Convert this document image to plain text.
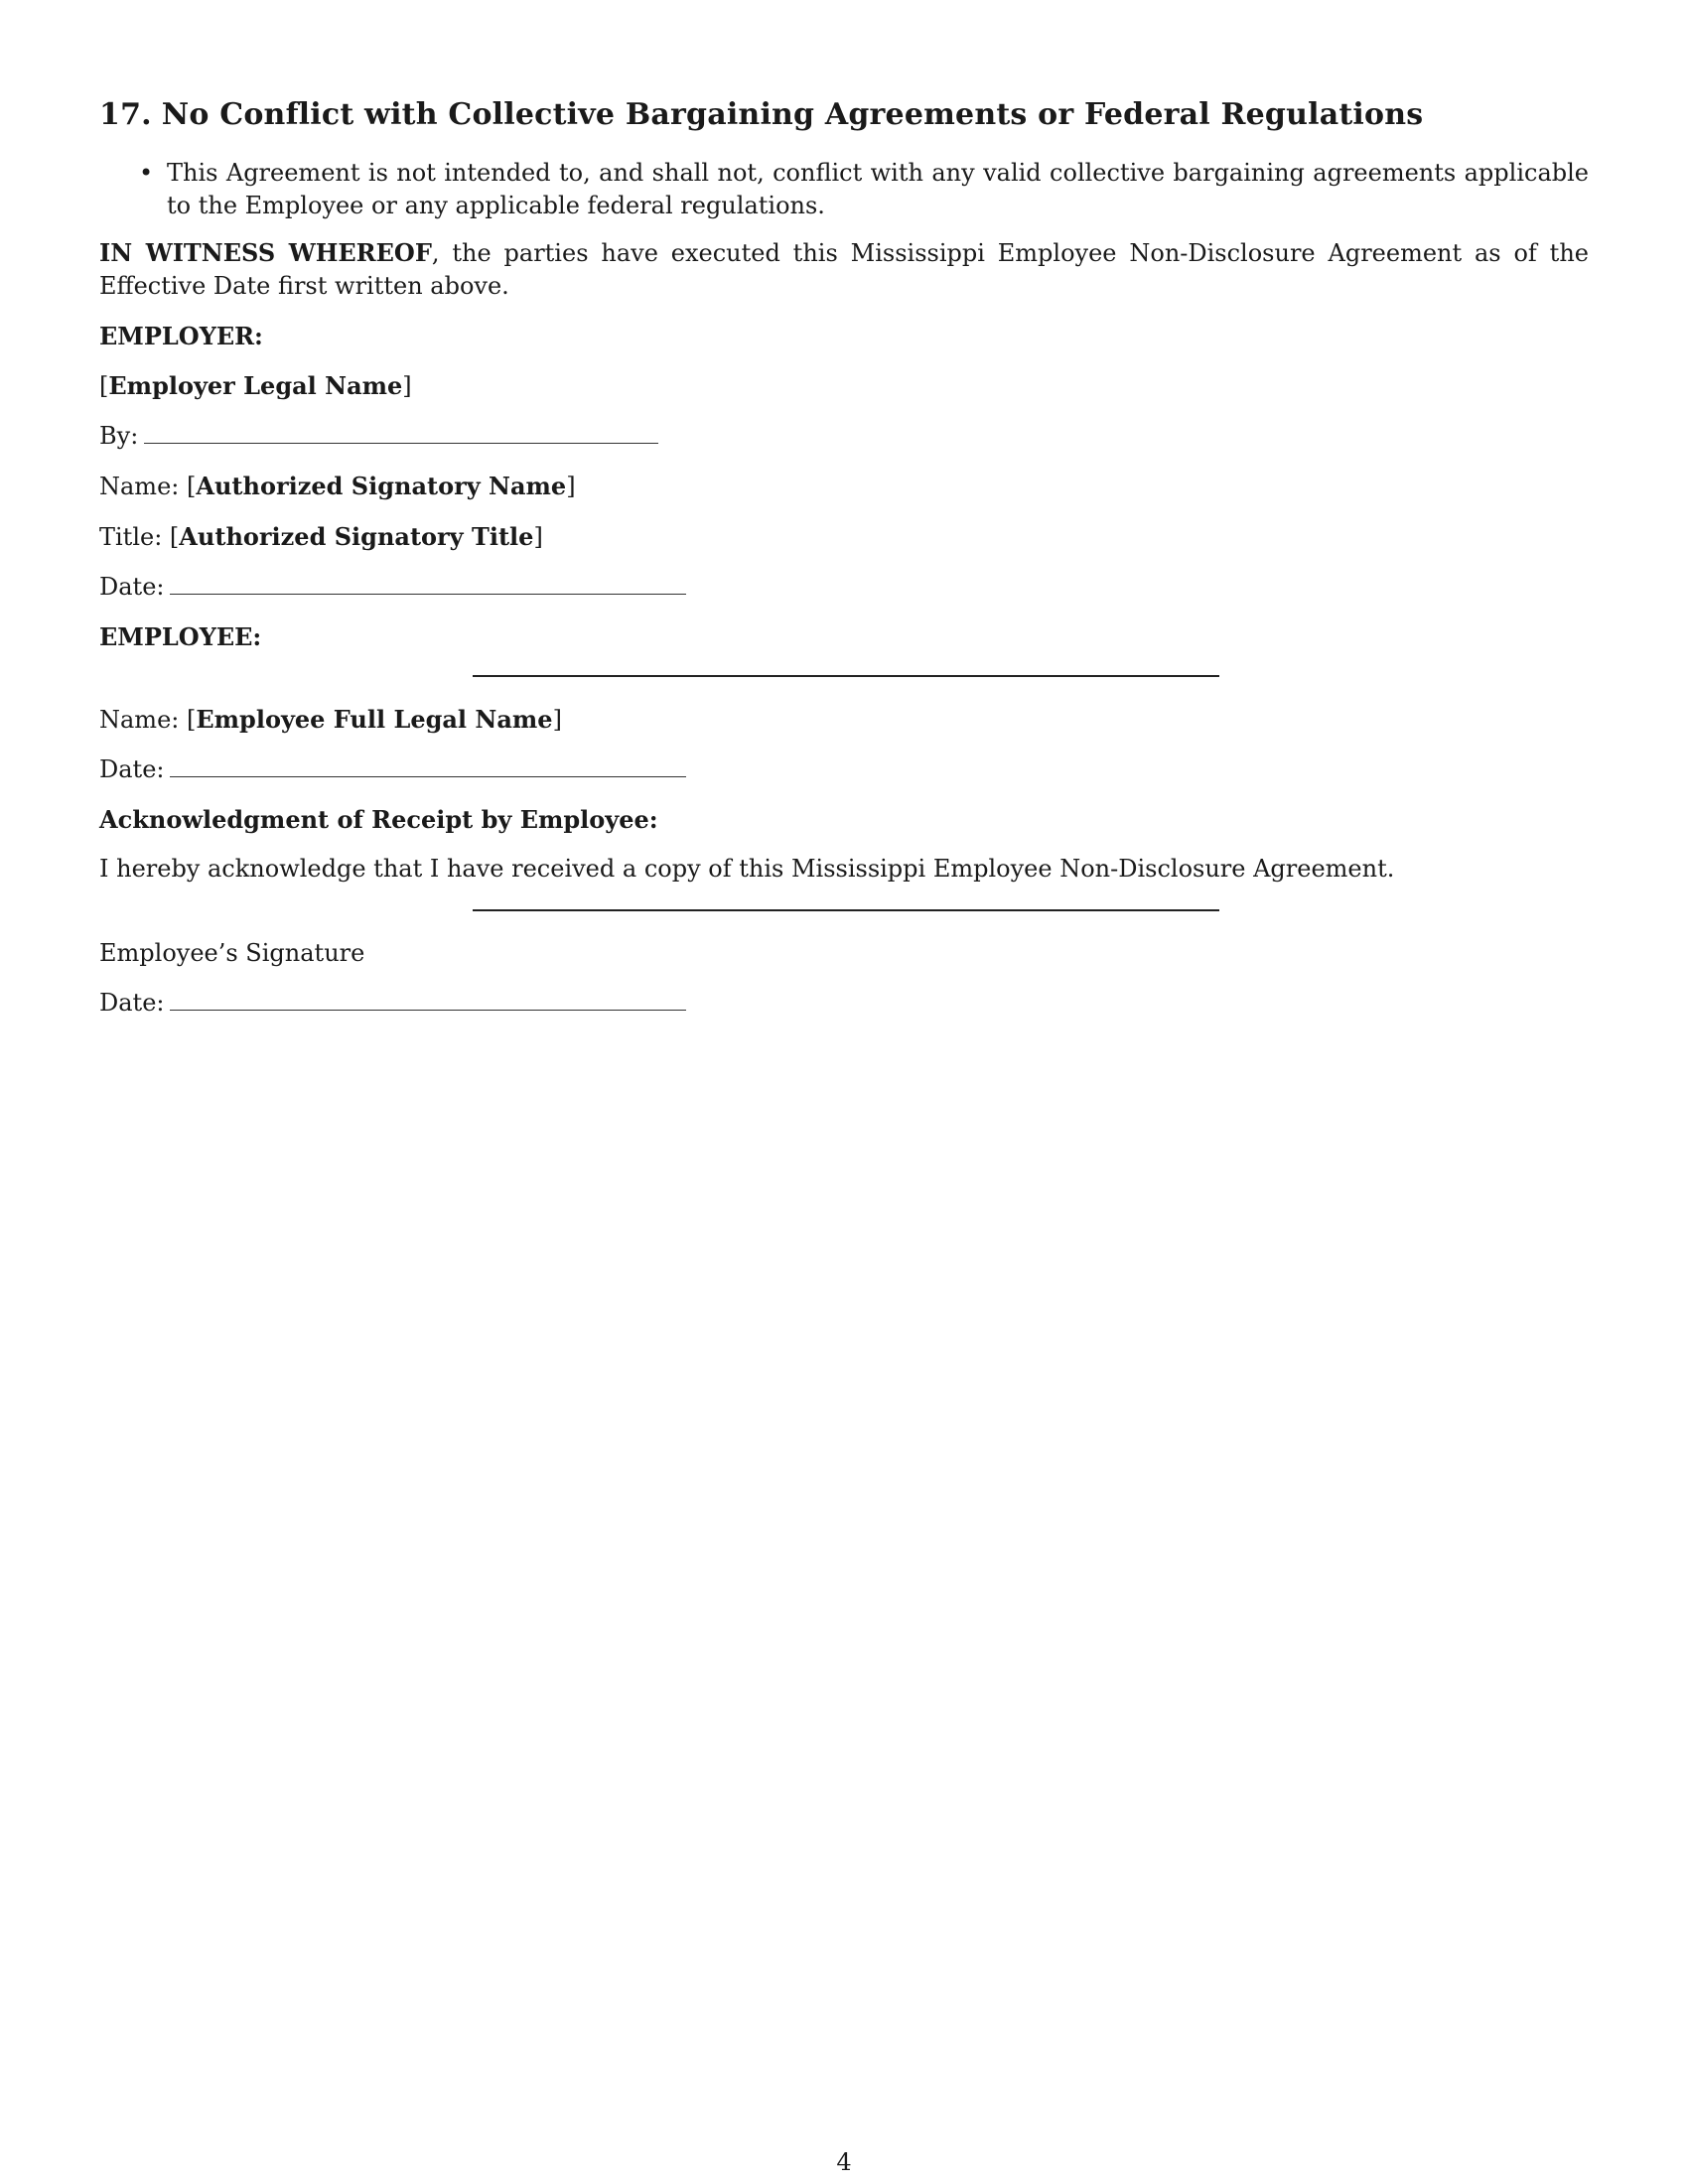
17. No Conflict with Collective Bargaining Agreements or Federal Regulations
• This Agreement is not intended to, and shall not, conflict with any valid collective bargaining agreements applicable to the Employee or any applicable federal regulations.

IN WITNESS WHEREOF, the parties have executed this Mississippi Employee Non-Disclosure Agreement as of the Effective Date first written above.

EMPLOYER:

[Employer Legal Name]

By:

Name: [Authorized Signatory Name]

Title: [Authorized Signatory Title]

Date:

EMPLOYEE:

Name: [Employee Full Legal Name]

Date:

Acknowledgment of Receipt by Employee:

I hereby acknowledge that I have received a copy of this Mississippi Employee Non-Disclosure Agreement.

Employee’s Signature

Date:

4
